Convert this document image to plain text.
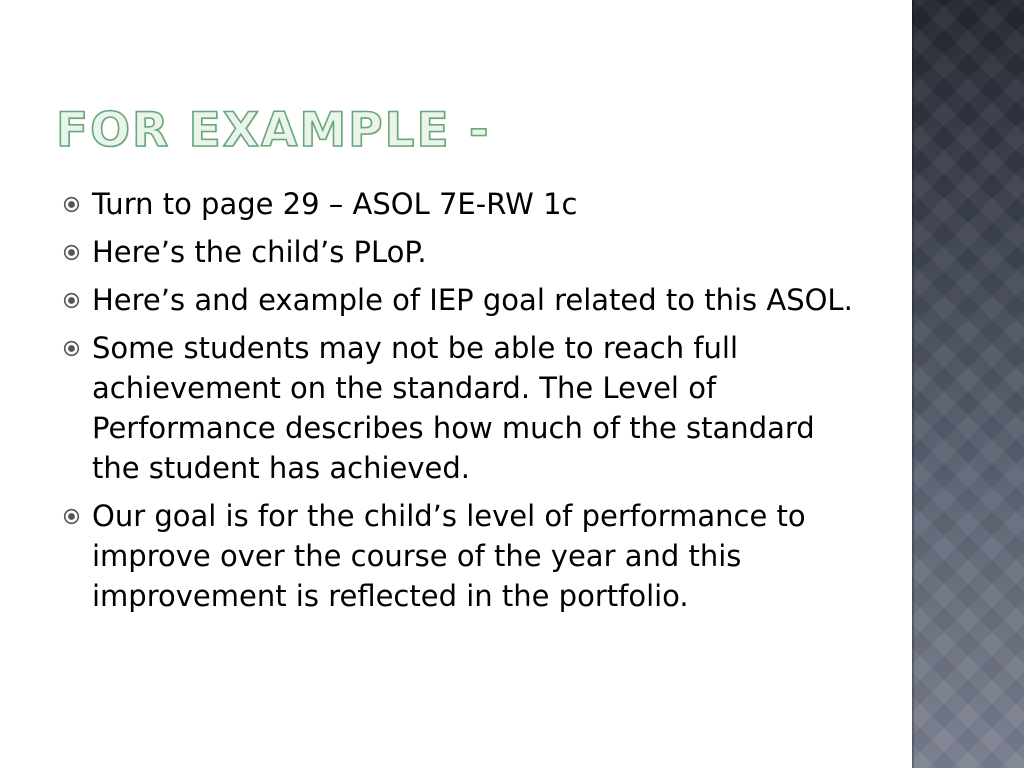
FOR EXAMPLE -
Turn to page 29 – ASOL 7E-RW 1c
Here’s the child’s PLoP.
Here’s and example of IEP goal related to this ASOL.
Some students may not be able to reach full achievement on the standard. The Level of Performance describes how much of the standard the student has achieved.
Our goal is for the child’s level of performance to improve over the course of the year and this improvement is reflected in the portfolio.
